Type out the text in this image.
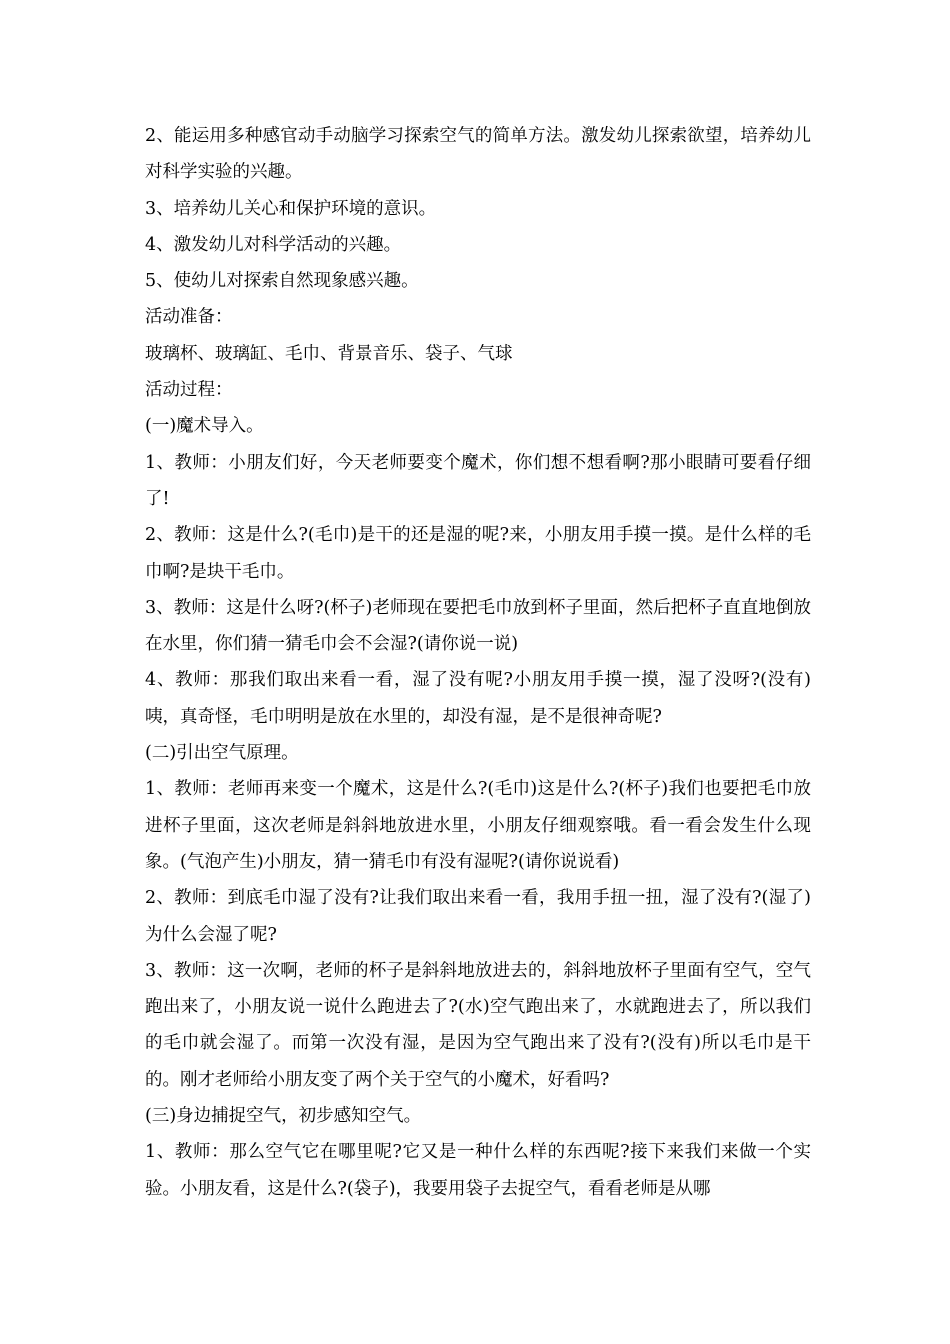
2、能运用多种感官动手动脑学习探索空气的简单方法。激发幼儿探索欲望，培养幼儿对科学实验的兴趣。

3、培养幼儿关心和保护环境的意识。

4、激发幼儿对科学活动的兴趣。

5、使幼儿对探索自然现象感兴趣。

活动准备：

玻璃杯、玻璃缸、毛巾、背景音乐、袋子、气球

活动过程：

(一)魔术导入。

1、教师：小朋友们好，今天老师要变个魔术，你们想不想看啊?那小眼睛可要看仔细了!

2、教师：这是什么?(毛巾)是干的还是湿的呢?来，小朋友用手摸一摸。是什么样的毛巾啊?是块干毛巾。

3、教师：这是什么呀?(杯子)老师现在要把毛巾放到杯子里面，然后把杯子直直地倒放在水里，你们猜一猜毛巾会不会湿?(请你说一说)

4、教师：那我们取出来看一看，湿了没有呢?小朋友用手摸一摸，湿了没呀?(没有)咦，真奇怪，毛巾明明是放在水里的，却没有湿，是不是很神奇呢?

(二)引出空气原理。

1、教师：老师再来变一个魔术，这是什么?(毛巾)这是什么?(杯子)我们也要把毛巾放进杯子里面，这次老师是斜斜地放进水里，小朋友仔细观察哦。看一看会发生什么现象。(气泡产生)小朋友，猜一猜毛巾有没有湿呢?(请你说说看)

2、教师：到底毛巾湿了没有?让我们取出来看一看，我用手扭一扭，湿了没有?(湿了)为什么会湿了呢?

3、教师：这一次啊，老师的杯子是斜斜地放进去的，斜斜地放杯子里面有空气，空气跑出来了，小朋友说一说什么跑进去了?(水)空气跑出来了，水就跑进去了，所以我们的毛巾就会湿了。而第一次没有湿，是因为空气跑出来了没有?(没有)所以毛巾是干的。刚才老师给小朋友变了两个关于空气的小魔术，好看吗?

(三)身边捕捉空气，初步感知空气。

1、教师：那么空气它在哪里呢?它又是一种什么样的东西呢?接下来我们来做一个实验。小朋友看，这是什么?(袋子)，我要用袋子去捉空气，看看老师是从哪
